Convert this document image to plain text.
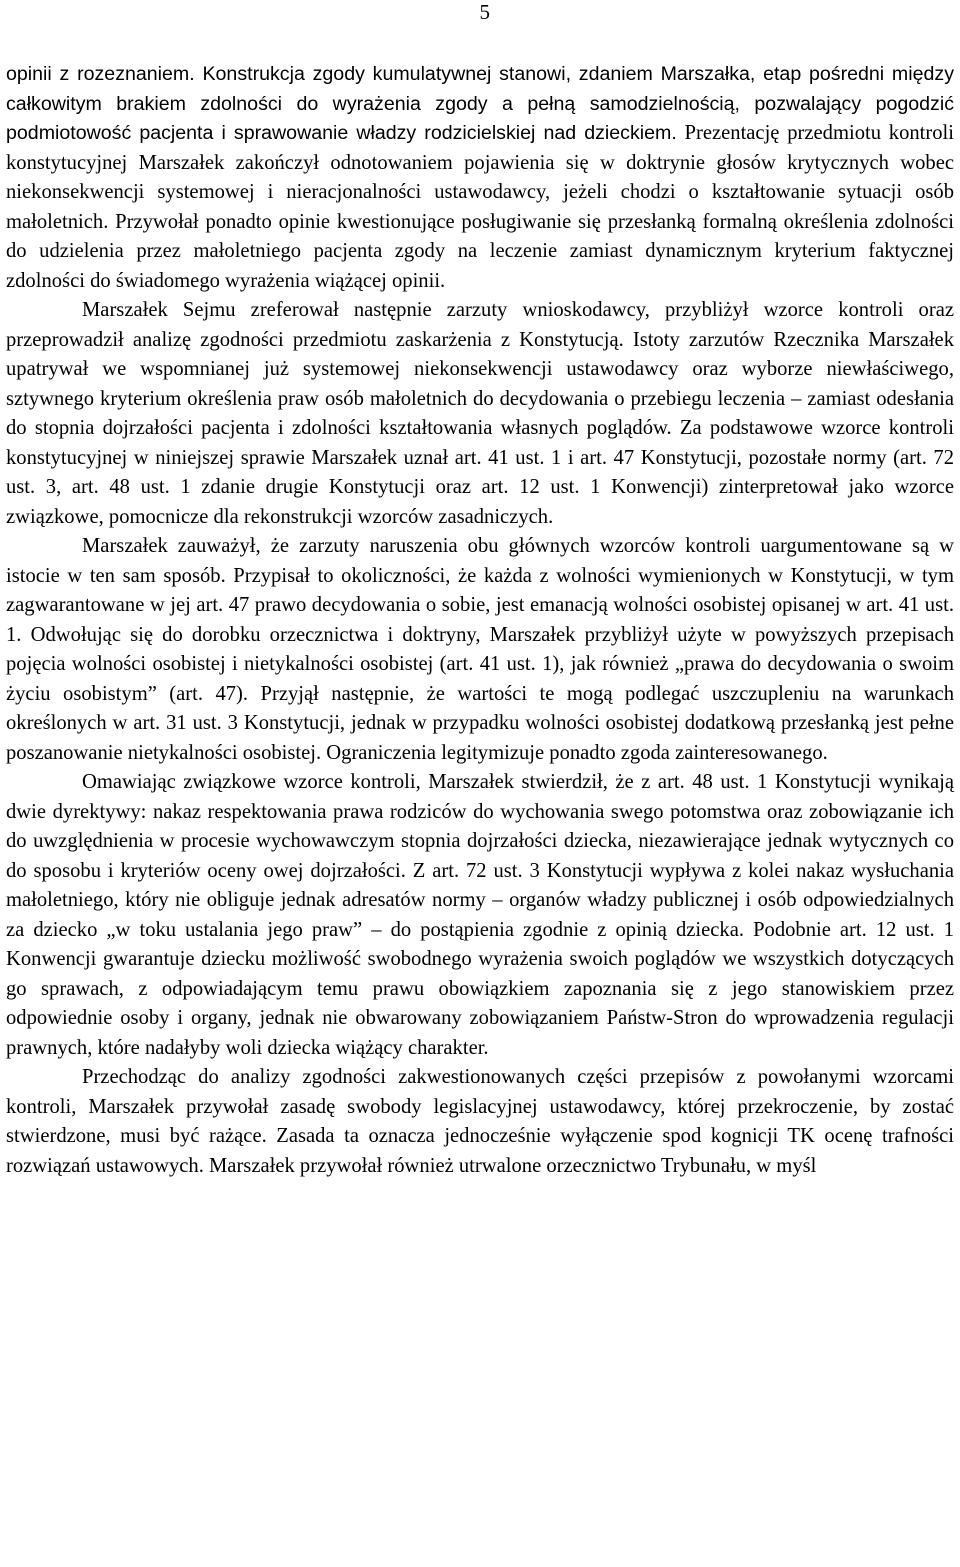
5

opinii z rozeznaniem. Konstrukcja zgody kumulatywnej stanowi, zdaniem Marszałka, etap pośredni między całkowitym brakiem zdolności do wyrażenia zgody a pełną samodzielnością, pozwalający pogodzić podmiotowość pacjenta i sprawowanie władzy rodzicielskiej nad dzieckiem. Prezentację przedmiotu kontroli konstytucyjnej Marszałek zakończył odnotowaniem pojawienia się w doktrynie głosów krytycznych wobec niekonsekwencji systemowej i nieracjonalności ustawodawcy, jeżeli chodzi o kształtowanie sytuacji osób małoletnich. Przywołał ponadto opinie kwestionujące posługiwanie się przesłanką formalną określenia zdolności do udzielenia przez małoletniego pacjenta zgody na leczenie zamiast dynamicznym kryterium faktycznej zdolności do świadomego wyrażenia wiążącej opinii.

Marszałek Sejmu zreferował następnie zarzuty wnioskodawcy, przybliżył wzorce kontroli oraz przeprowadził analizę zgodności przedmiotu zaskarżenia z Konstytucją. Istoty zarzutów Rzecznika Marszałek upatrywał we wspomnianej już systemowej niekonsekwencji ustawodawcy oraz wyborze niewłaściwego, sztywnego kryterium określenia praw osób małoletnich do decydowania o przebiegu leczenia – zamiast odesłania do stopnia dojrzałości pacjenta i zdolności kształtowania własnych poglądów. Za podstawowe wzorce kontroli konstytucyjnej w niniejszej sprawie Marszałek uznał art. 41 ust. 1 i art. 47 Konstytucji, pozostałe normy (art. 72 ust. 3, art. 48 ust. 1 zdanie drugie Konstytucji oraz art. 12 ust. 1 Konwencji) zinterpretował jako wzorce związkowe, pomocnicze dla rekonstrukcji wzorców zasadniczych.

Marszałek zauważył, że zarzuty naruszenia obu głównych wzorców kontroli uargumentowane są w istocie w ten sam sposób. Przypisał to okoliczności, że każda z wolności wymienionych w Konstytucji, w tym zagwarantowane w jej art. 47 prawo decydowania o sobie, jest emanacją wolności osobistej opisanej w art. 41 ust. 1. Odwołując się do dorobku orzecznictwa i doktryny, Marszałek przybliżył użyte w powyższych przepisach pojęcia wolności osobistej i nietykalności osobistej (art. 41 ust. 1), jak również „prawa do decydowania o swoim życiu osobistym” (art. 47). Przyjął następnie, że wartości te mogą podlegać uszczupleniu na warunkach określonych w art. 31 ust. 3 Konstytucji, jednak w przypadku wolności osobistej dodatkową przesłanką jest pełne poszanowanie nietykalności osobistej. Ograniczenia legitymizuje ponadto zgoda zainteresowanego.

Omawiając związkowe wzorce kontroli, Marszałek stwierdził, że z art. 48 ust. 1 Konstytucji wynikają dwie dyrektywy: nakaz respektowania prawa rodziców do wychowania swego potomstwa oraz zobowiązanie ich do uwzględnienia w procesie wychowawczym stopnia dojrzałości dziecka, niezawierające jednak wytycznych co do sposobu i kryteriów oceny owej dojrzałości. Z art. 72 ust. 3 Konstytucji wypływa z kolei nakaz wysłuchania małoletniego, który nie obliguje jednak adresatów normy – organów władzy publicznej i osób odpowiedzialnych za dziecko „w toku ustalania jego praw” – do postąpienia zgodnie z opinią dziecka. Podobnie art. 12 ust. 1 Konwencji gwarantuje dziecku możliwość swobodnego wyrażenia swoich poglądów we wszystkich dotyczących go sprawach, z odpowiadającym temu prawu obowiązkiem zapoznania się z jego stanowiskiem przez odpowiednie osoby i organy, jednak nie obwarowany zobowiązaniem Państw-Stron do wprowadzenia regulacji prawnych, które nadałyby woli dziecka wiążący charakter.

Przechodząc do analizy zgodności zakwestionowanych części przepisów z powołanymi wzorcami kontroli, Marszałek przywołał zasadę swobody legislacyjnej ustawodawcy, której przekroczenie, by zostać stwierdzone, musi być rażące. Zasada ta oznacza jednocześnie wyłączenie spod kognicji TK ocenę trafności rozwiązań ustawowych. Marszałek przywołał również utrwalone orzecznictwo Trybunału, w myśl
